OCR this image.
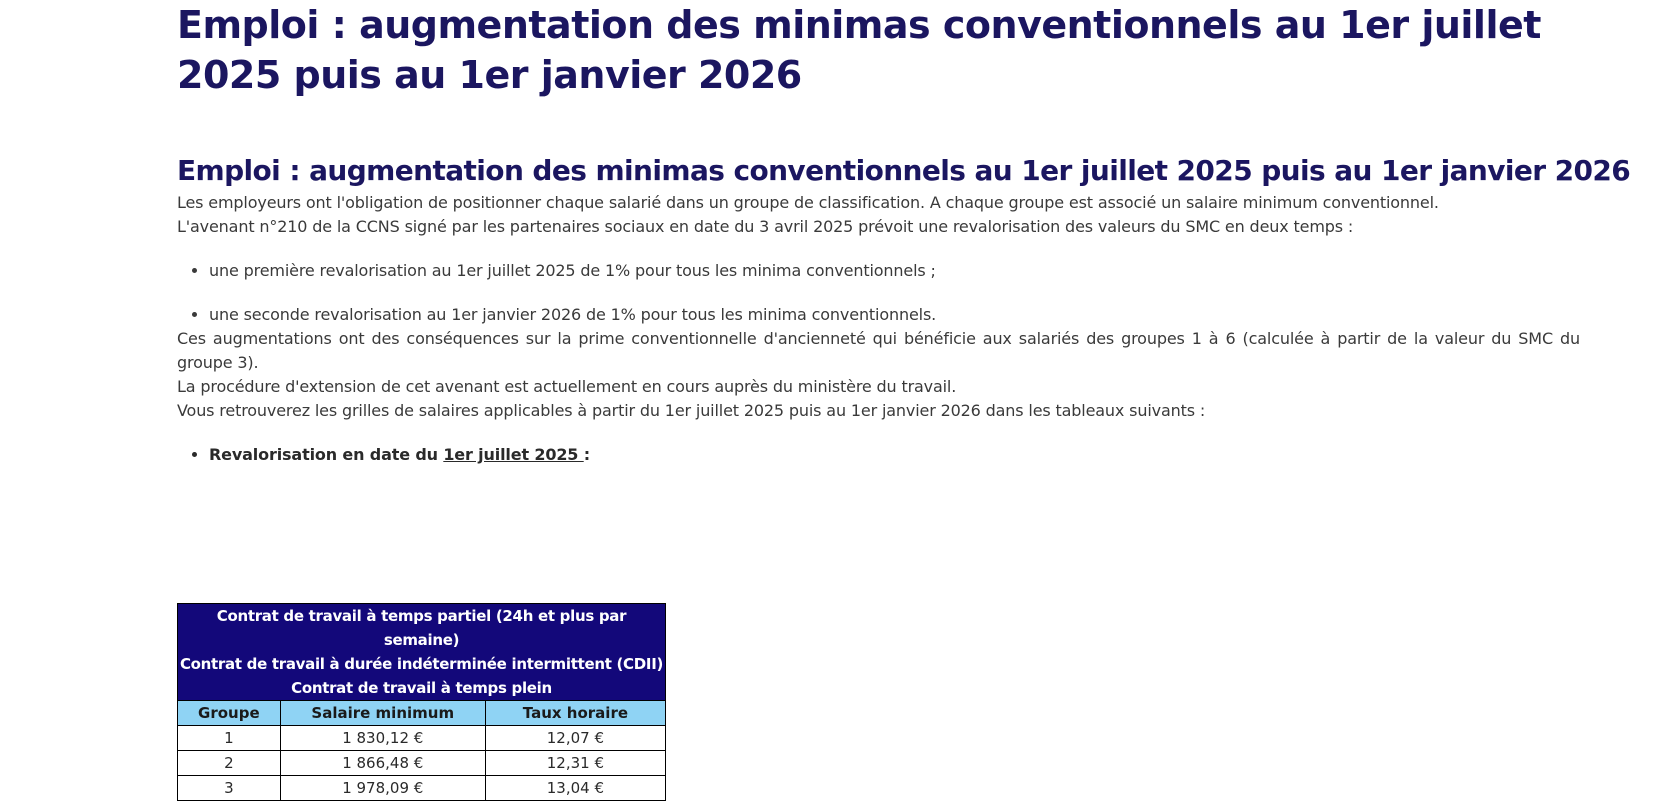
Emploi : augmentation des minimas conventionnels au 1er juillet 2025 puis au 1er janvier 2026
Emploi : augmentation des minimas conventionnels au 1er juillet 2025 puis au 1er janvier 2026

Les employeurs ont l'obligation de positionner chaque salarié dans un groupe de classification. A chaque groupe est associé un salaire minimum conventionnel.

L'avenant n°210 de la CCNS signé par les partenaires sociaux en date du 3 avril 2025 prévoit une revalorisation des valeurs du SMC en deux temps :

• une première revalorisation au 1er juillet 2025 de 1% pour tous les minima conventionnels ;
• une seconde revalorisation au 1er janvier 2026 de 1% pour tous les minima conventionnels.

Ces augmentations ont des conséquences sur la prime conventionnelle d'ancienneté qui bénéficie aux salariés des groupes 1 à 6 (calculée à partir de la valeur du SMC du groupe 3).

La procédure d'extension de cet avenant est actuellement en cours auprès du ministère du travail.

Vous retrouverez les grilles de salaires applicables à partir du 1er juillet 2025 puis au 1er janvier 2026 dans les tableaux suivants :

• Revalorisation en date du 1er juillet 2025 :
Contrat de travail à temps partiel (24h et plus par semaine)		
Contrat de travail à durée indéterminée intermittent (CDII)		
Contrat de travail à temps plein		
Groupe	Salaire minimum	Taux horaire
1	1 830,12 €	12,07 €
2	1 866,48 €	12,31 €
3	1 978,09 €	13,04 €
